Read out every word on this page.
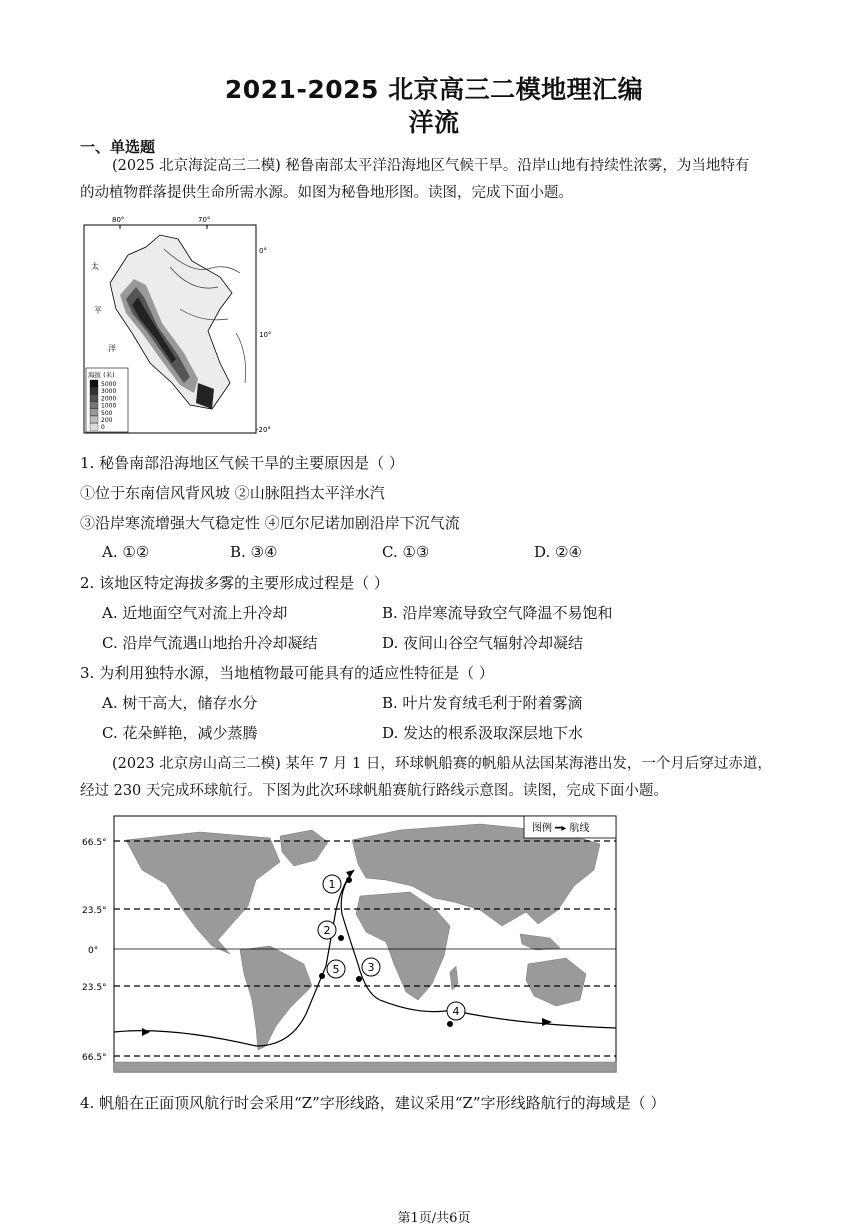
2021-2025 北京高三二模地理汇编
洋流
一、单选题
(2025 北京海淀高三二模) 秘鲁南部太平洋沿海地区气候干旱。沿岸山地有持续性浓雾，为当地特有
的动植物群落提供生命所需水源。如图为秘鲁地形图。读图，完成下面小题。
80°	70°
0°
10°
-20°
太
平
洋
海拔 (米)
5000
3000
2000
1000
500
200
0
1. 秘鲁南部沿海地区气候干旱的主要原因是（ ）
①位于东南信风背风坡 ②山脉阻挡太平洋水汽
③沿岸寒流增强大气稳定性 ④厄尔尼诺加剧沿岸下沉气流
A. ①②	B. ③④	C. ①③	D. ②④
2. 该地区特定海拔多雾的主要形成过程是（ ）
A. 近地面空气对流上升冷却	B. 沿岸寒流导致空气降温不易饱和
C. 沿岸气流遇山地抬升冷却凝结	D. 夜间山谷空气辐射冷却凝结
3. 为利用独特水源，当地植物最可能具有的适应性特征是（ ）
A. 树干高大，储存水分	B. 叶片发育绒毛利于附着雾滴
C. 花朵鲜艳，减少蒸腾	D. 发达的根系汲取深层地下水
(2023 北京房山高三二模) 某年 7 月 1 日，环球帆船赛的帆船从法国某海港出发，一个月后穿过赤道，
经过 230 天完成环球航行。下图为此次环球帆船赛航行路线示意图。读图，完成下面小题。
66.5°
23.5°
0°
23.5°
66.5°
图例 ━▸ 航线
1
2
3
4
5
4. 帆船在正面顶风航行时会采用“Z”字形线路，建议采用“Z”字形线路航行的海域是（ ）
第1页/共6页
